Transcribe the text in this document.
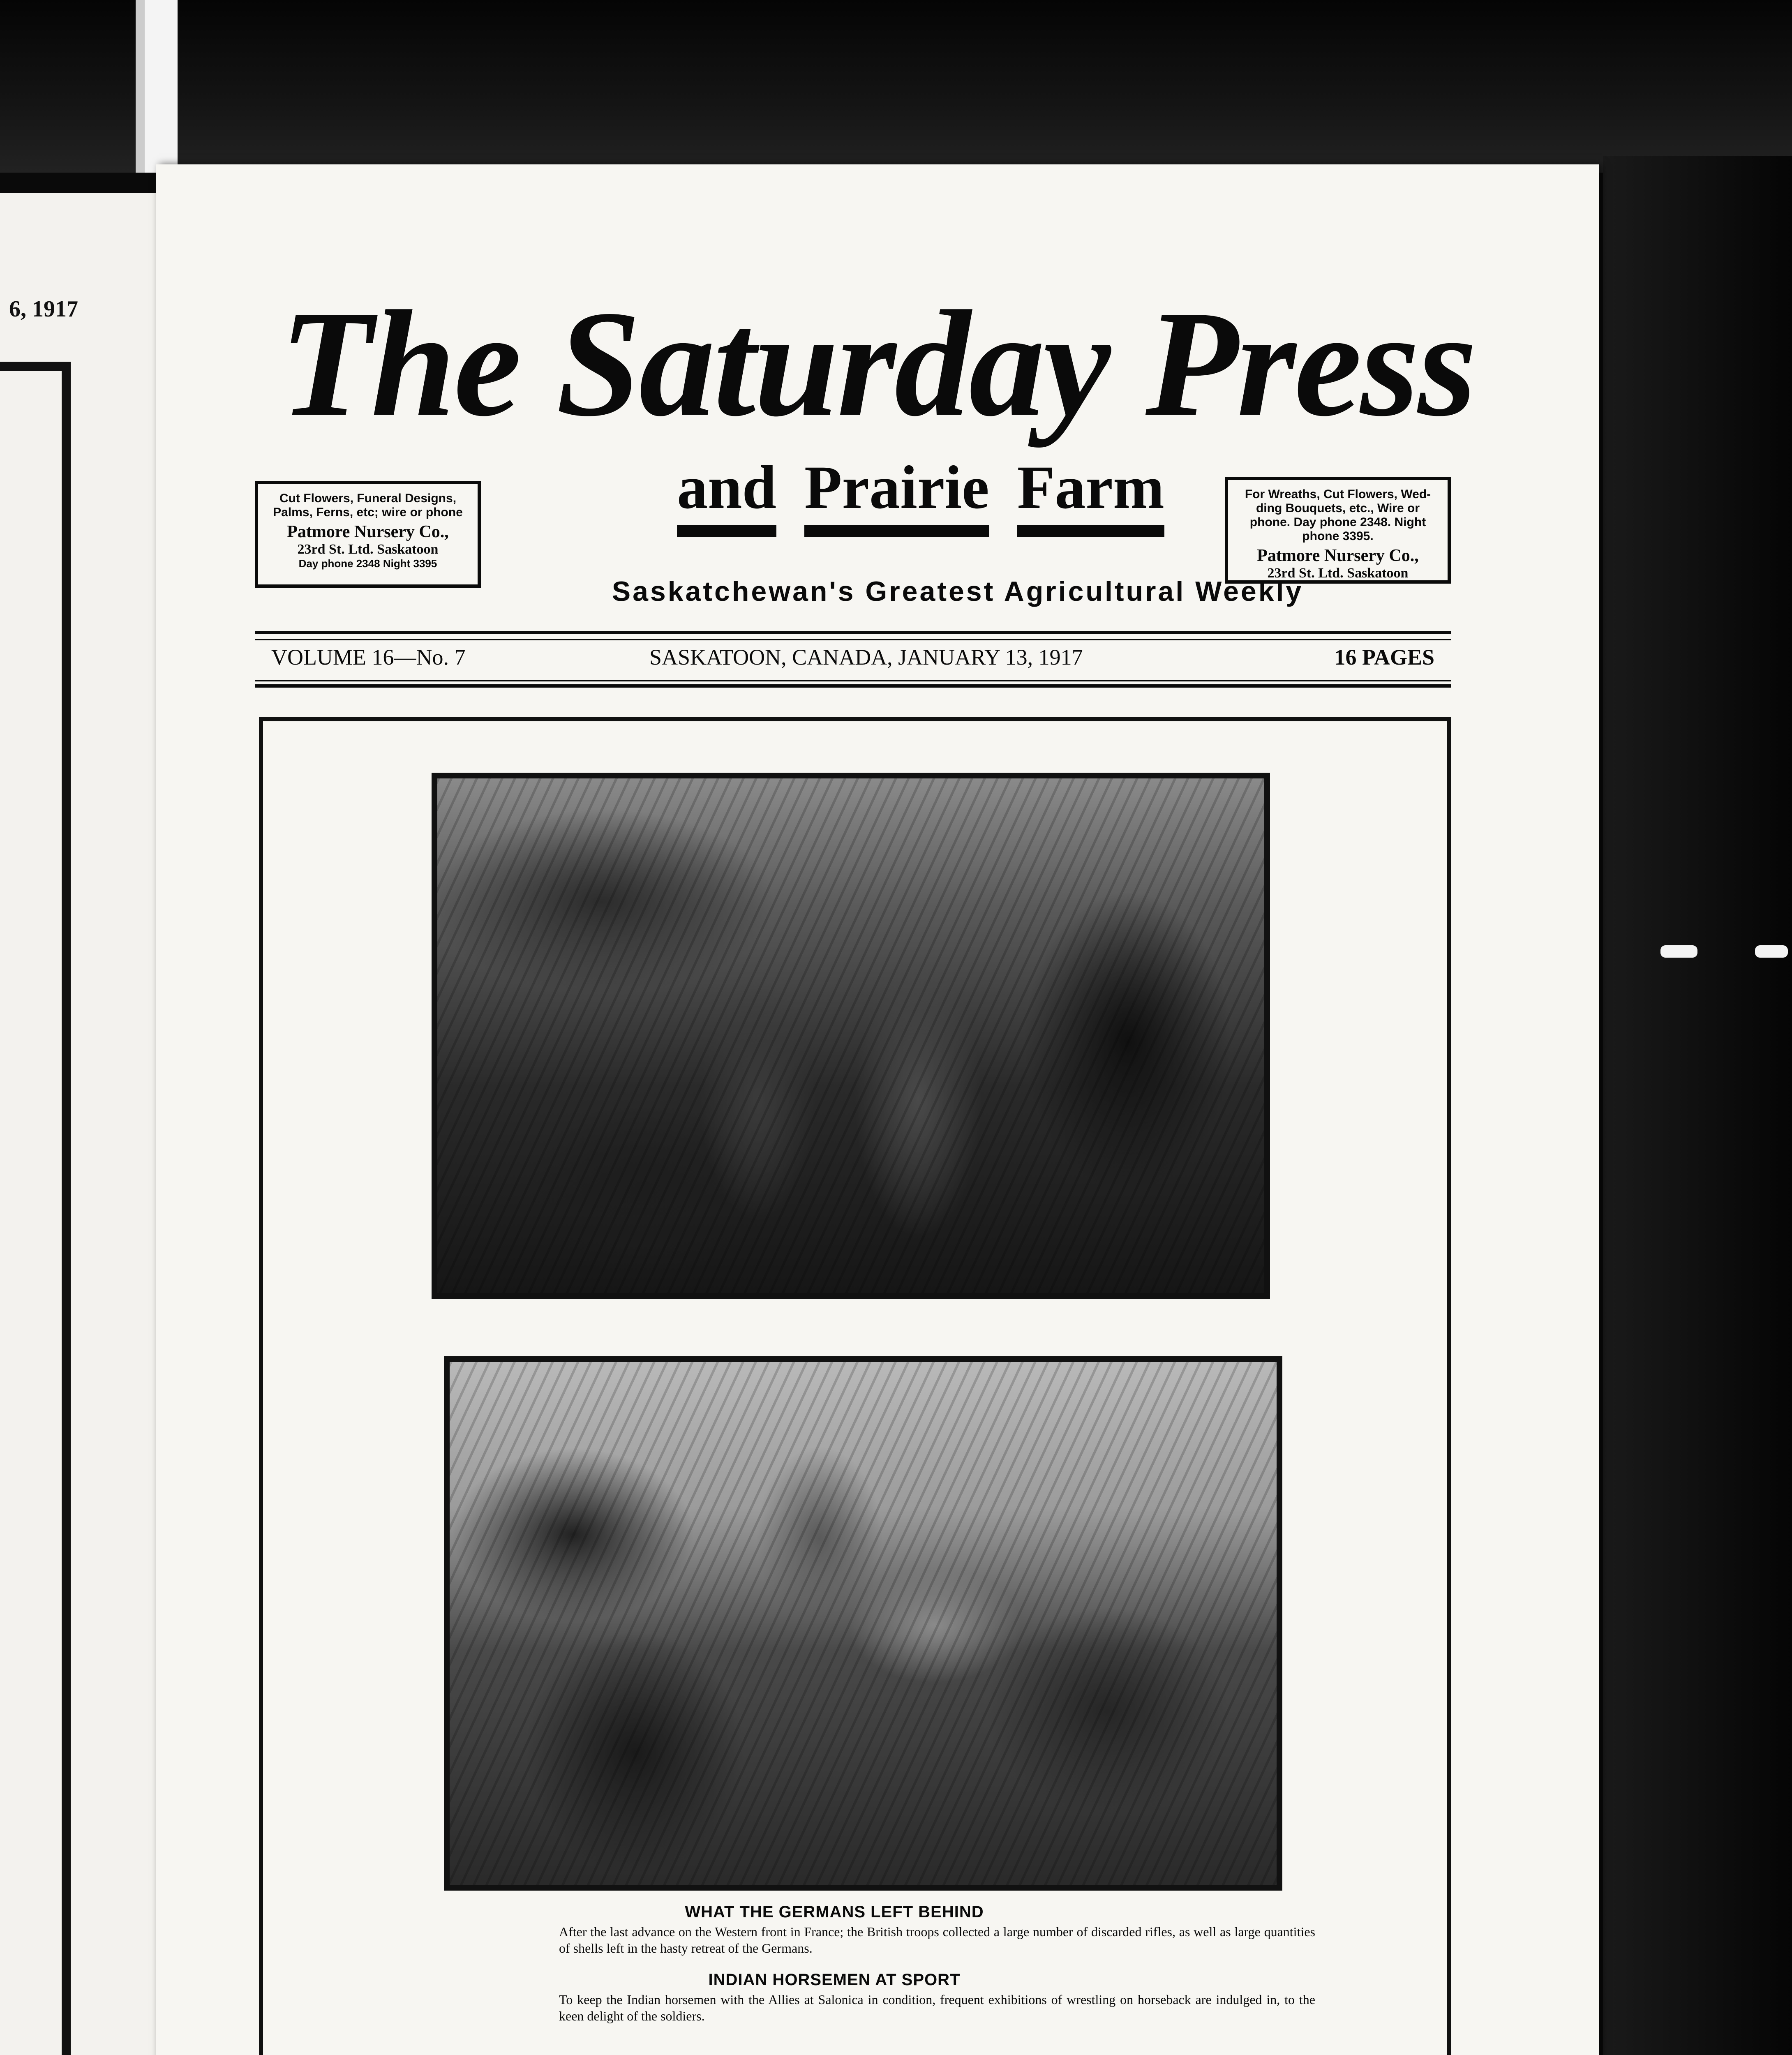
6, 1917 The Saturday Press
Cut Flowers, Funeral Designs,
Palms, Ferns, etc; wire or phone
Patmore Nursery Co.,
23rd St. Ltd. Saskatoon
Day phone 2348 Night 3395
and Prairie Farm	For Wreaths, Cut Flowers, Wed-
ding Bouquets, etc., Wire or
phone. Day phone 2348. Night
phone 3395.
Patmore Nursery Co.,
23rd St. Ltd. Saskatoon
Saskatchewan's Greatest Agricultural Weekly
VOLUME 16—No. 7	SASKATOON, CANADA, JANUARY 13, 1917	16 PAGES
WHAT THE GERMANS LEFT BEHIND
After the last advance on the Western front in France; the British troops collected a large number of discarded rifles, as well as large quantities of shells left in the hasty retreat of the Germans.
INDIAN HORSEMEN AT SPORT
To keep the Indian horsemen with the Allies at Salonica in condition, frequent exhibitions of wrestling on horseback are indulged in, to the keen delight of the soldiers.
